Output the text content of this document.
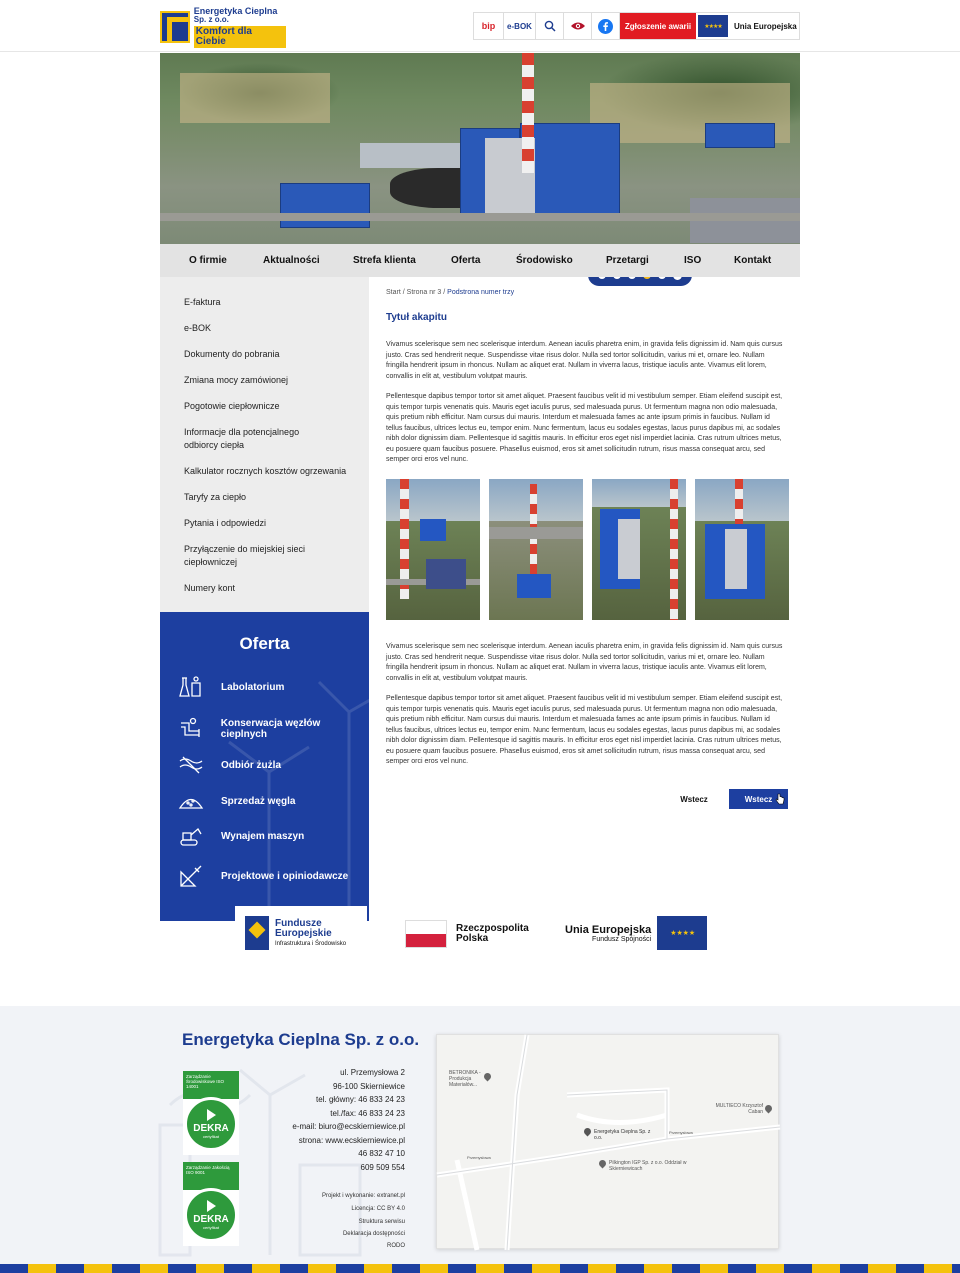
Energetyka Cieplna
Sp. z o.o.
Komfort dla Ciebie
bip e-BOK	Zgłoszenie awarii	★★★★	Unia Europejska
O firmie	Aktualności	Strefa klienta	Oferta	Środowisko	Przetargi	ISO	Kontakt
E-faktura
e-BOK
Dokumenty do pobrania
Zmiana mocy zamówionej
Pogotowie ciepłownicze
Informacje dla potencjalnego odbiorcy ciepła
Kalkulator rocznych kosztów ogrzewania
Taryfy za ciepło
Pytania i odpowiedzi
Przyłączenie do miejskiej sieci ciepłowniczej
Numery kont
Oferta
Labolatorium
Konserwacja węzłów cieplnych
Odbiór żużla
Sprzedaż węgla
Wynajem maszyn
Projektowe i opiniodawcze
Start / Strona nr 3 / Podstrona numer trzy
Tytuł akapitu

Vivamus scelerisque sem nec scelerisque interdum. Aenean iaculis pharetra enim, in gravida felis dignissim id. Nam quis cursus justo. Cras sed hendrerit neque. Suspendisse vitae risus dolor. Nulla sed tortor sollicitudin, varius mi et, ornare leo. Nullam fringilla hendrerit ipsum in rhoncus. Nullam ac aliquet erat. Nullam in viverra lacus, tristique iaculis ante. Vivamus elit lorem, convallis in elit at, vestibulum volutpat mauris.

Pellentesque dapibus tempor tortor sit amet aliquet. Praesent faucibus velit id mi vestibulum semper. Etiam eleifend suscipit est, quis tempor turpis venenatis quis. Mauris eget iaculis purus, sed malesuada purus. Ut fermentum magna non odio malesuada, quis pretium nibh efficitur. Nam cursus dui mauris. Interdum et malesuada fames ac ante ipsum primis in faucibus. Nullam id tellus faucibus, ultrices lectus eu, tempor enim. Nunc fermentum, lacus eu sodales egestas, lacus purus dapibus mi, ac sodales nibh dolor dignissim diam. Pellentesque id sagittis mauris. In efficitur eros eget nisl imperdiet lacinia. Cras rutrum ultrices metus, eu posuere quam faucibus posuere. Phasellus euismod, eros sit amet sollicitudin rutrum, risus massa consequat arcu, sed semper orci eros vel nunc.

Vivamus scelerisque sem nec scelerisque interdum. Aenean iaculis pharetra enim, in gravida felis dignissim id. Nam quis cursus justo. Cras sed hendrerit neque. Suspendisse vitae risus dolor. Nulla sed tortor sollicitudin, varius mi et, ornare leo. Nullam fringilla hendrerit ipsum in rhoncus. Nullam ac aliquet erat. Nullam in viverra lacus, tristique iaculis ante. Vivamus elit lorem, convallis in elit at, vestibulum volutpat mauris.

Pellentesque dapibus tempor tortor sit amet aliquet. Praesent faucibus velit id mi vestibulum semper. Etiam eleifend suscipit est, quis tempor turpis venenatis quis. Mauris eget iaculis purus, sed malesuada purus. Ut fermentum magna non odio malesuada, quis pretium nibh efficitur. Nam cursus dui mauris. Interdum et malesuada fames ac ante ipsum primis in faucibus. Nullam id tellus faucibus, ultrices lectus eu, tempor enim. Nunc fermentum, lacus eu sodales egestas, lacus purus dapibus mi, ac sodales nibh dolor dignissim diam. Pellentesque id sagittis mauris. In efficitur eros eget nisl imperdiet lacinia. Cras rutrum ultrices metus, eu posuere quam faucibus posuere. Phasellus euismod, eros sit amet sollicitudin rutrum, risus massa consequat arcu, sed semper orci eros vel nunc.

Wstecz	Wstecz
Fundusze
Europejskie
Infrastruktura i Środowisko
Rzeczpospolita
Polska
Unia Europejska
Fundusz Spójności
★ ★ ★ ★
Energetyka Cieplna Sp. z o.o.
ul. Przemysłowa 2
96-100 Skierniewice
tel. główny: 46 833 24 23
tel./fax: 46 833 24 23
e-mail: biuro@ecskierniewice.pl
strona: www.ecskierniewice.pl
46 832 47 10
609 509 554
Projekt i wykonanie: extranet.pl
Licencja: CC BY 4.0
Struktura serwisu
Deklaracja dostępności
RODO
Zarządzanie Środowiskowe ISO 14001
DEKRA
certyfikat
Zarządzanie Jakością ISO 9001
DEKRA
certyfikat
BETRONIKA - Produkcja Materiałów...
Energetyka Cieplna Sp. z o.o.
Pilkington IGP Sp. z o.o. Oddział w Skierniewicach
MULTIECO Krzysztof Caban
Przemysłowa
Przemysłowa
